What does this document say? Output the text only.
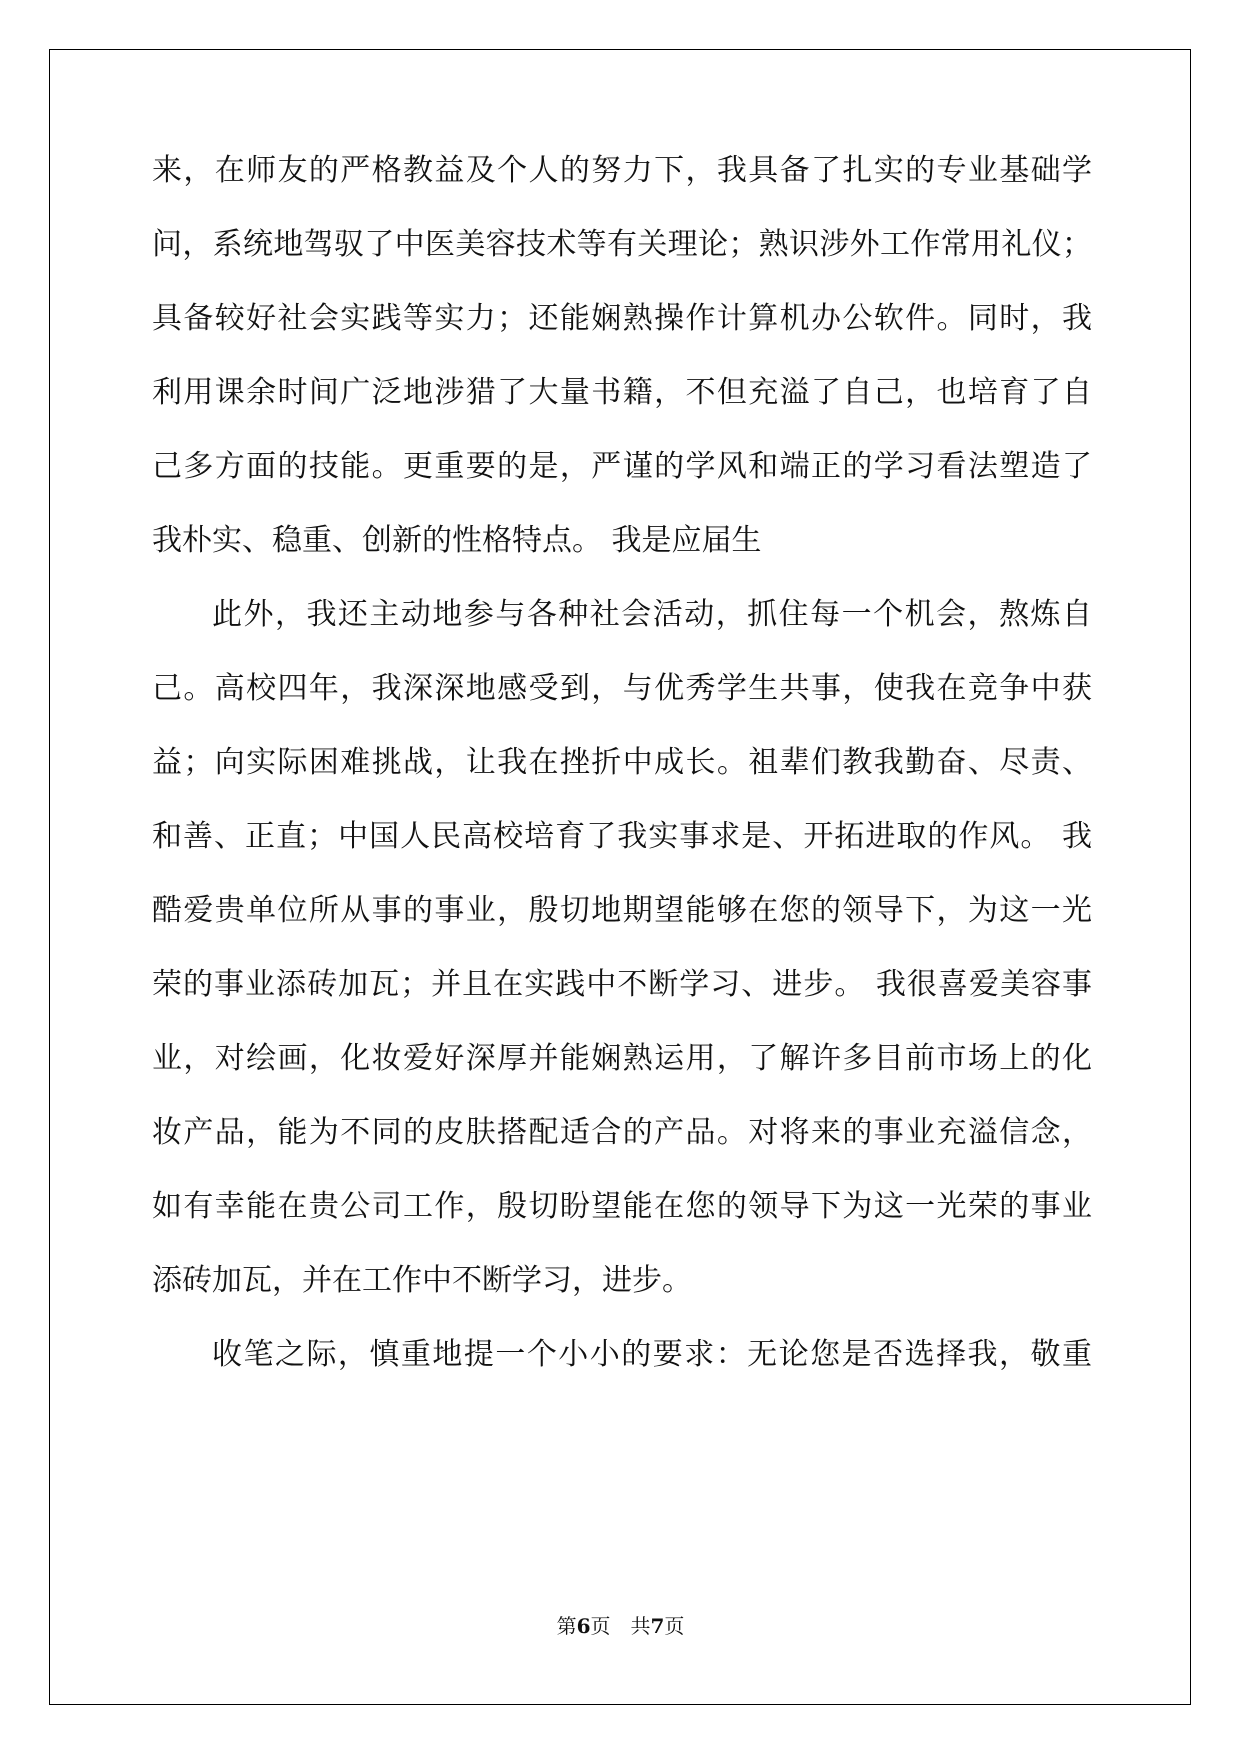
来，在师友的严格教益及个人的努力下，我具备了扎实的专业基础学
问，系统地驾驭了中医美容技术等有关理论；熟识涉外工作常用礼仪；
具备较好社会实践等实力；还能娴熟操作计算机办公软件。同时，我
利用课余时间广泛地涉猎了大量书籍，不但充溢了自己，也培育了自
己多方面的技能。更重要的是，严谨的学风和端正的学习看法塑造了
我朴实、稳重、创新的性格特点。 我是应届生
此外，我还主动地参与各种社会活动，抓住每一个机会，熬炼自
己。高校四年，我深深地感受到，与优秀学生共事，使我在竞争中获
益；向实际困难挑战，让我在挫折中成长。祖辈们教我勤奋、尽责、
和善、正直；中国人民高校培育了我实事求是、开拓进取的作风。 我
酷爱贵单位所从事的事业，殷切地期望能够在您的领导下，为这一光
荣的事业添砖加瓦；并且在实践中不断学习、进步。 我很喜爱美容事
业，对绘画，化妆爱好深厚并能娴熟运用，了解许多目前市场上的化
妆产品，能为不同的皮肤搭配适合的产品。对将来的事业充溢信念，
如有幸能在贵公司工作，殷切盼望能在您的领导下为这一光荣的事业
添砖加瓦，并在工作中不断学习，进步。
收笔之际，慎重地提一个小小的要求：无论您是否选择我，敬重
第6页　共7页
